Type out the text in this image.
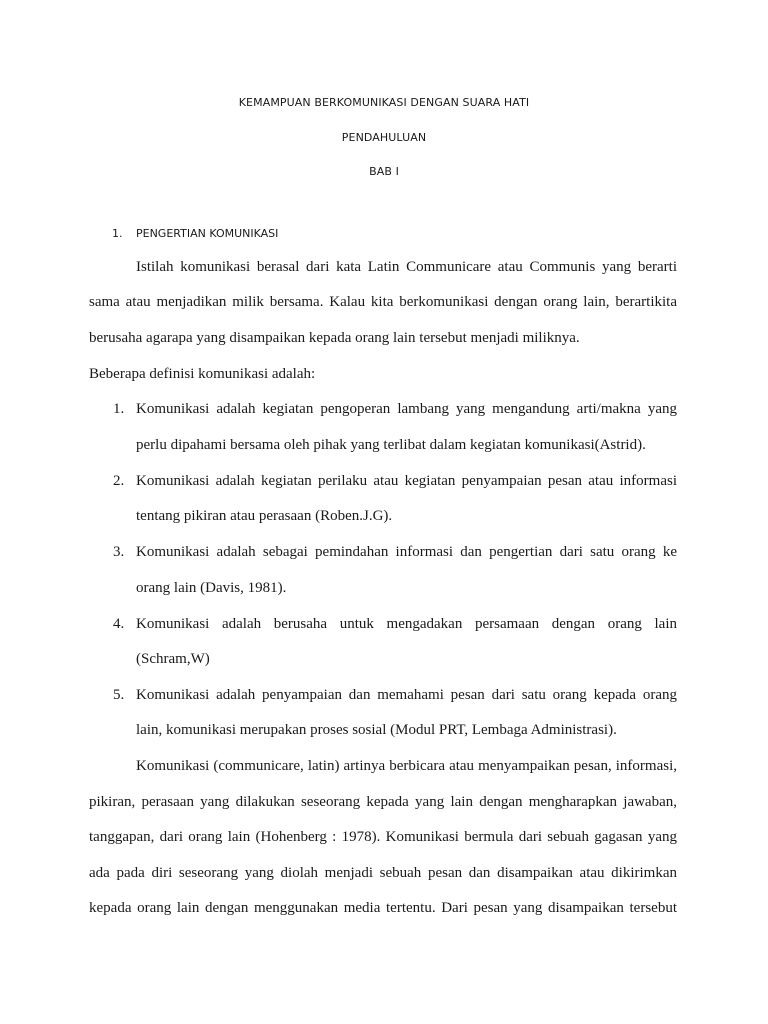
KEMAMPUAN BERKOMUNIKASI DENGAN SUARA HATI
PENDAHULUAN
BAB I
1. PENGERTIAN KOMUNIKASI
Istilah komunikasi berasal dari kata Latin Communicare atau Communis yang berarti
sama atau menjadikan milik bersama. Kalau kita berkomunikasi dengan orang lain, berartikita
berusaha agarapa yang disampaikan kepada orang lain tersebut menjadi miliknya.
Beberapa definisi komunikasi adalah:
1. Komunikasi adalah kegiatan pengoperan lambang yang mengandung arti/makna yang
perlu dipahami bersama oleh pihak yang terlibat dalam kegiatan komunikasi(Astrid).
2. Komunikasi adalah kegiatan perilaku atau kegiatan penyampaian pesan atau informasi
tentang pikiran atau perasaan (Roben.J.G).
3. Komunikasi adalah sebagai pemindahan informasi dan pengertian dari satu orang ke
orang lain (Davis, 1981).
4. Komunikasi adalah berusaha untuk mengadakan persamaan dengan orang lain
(Schram,W)
5. Komunikasi adalah penyampaian dan memahami pesan dari satu orang kepada orang
lain, komunikasi merupakan proses sosial (Modul PRT, Lembaga Administrasi).
Komunikasi (communicare, latin) artinya berbicara atau menyampaikan pesan, informasi,
pikiran, perasaan yang dilakukan seseorang kepada yang lain dengan mengharapkan jawaban,
tanggapan, dari orang lain (Hohenberg : 1978). Komunikasi bermula dari sebuah gagasan yang
ada pada diri seseorang yang diolah menjadi sebuah pesan dan disampaikan atau dikirimkan
kepada orang lain dengan menggunakan media tertentu. Dari pesan yang disampaikan tersebut
